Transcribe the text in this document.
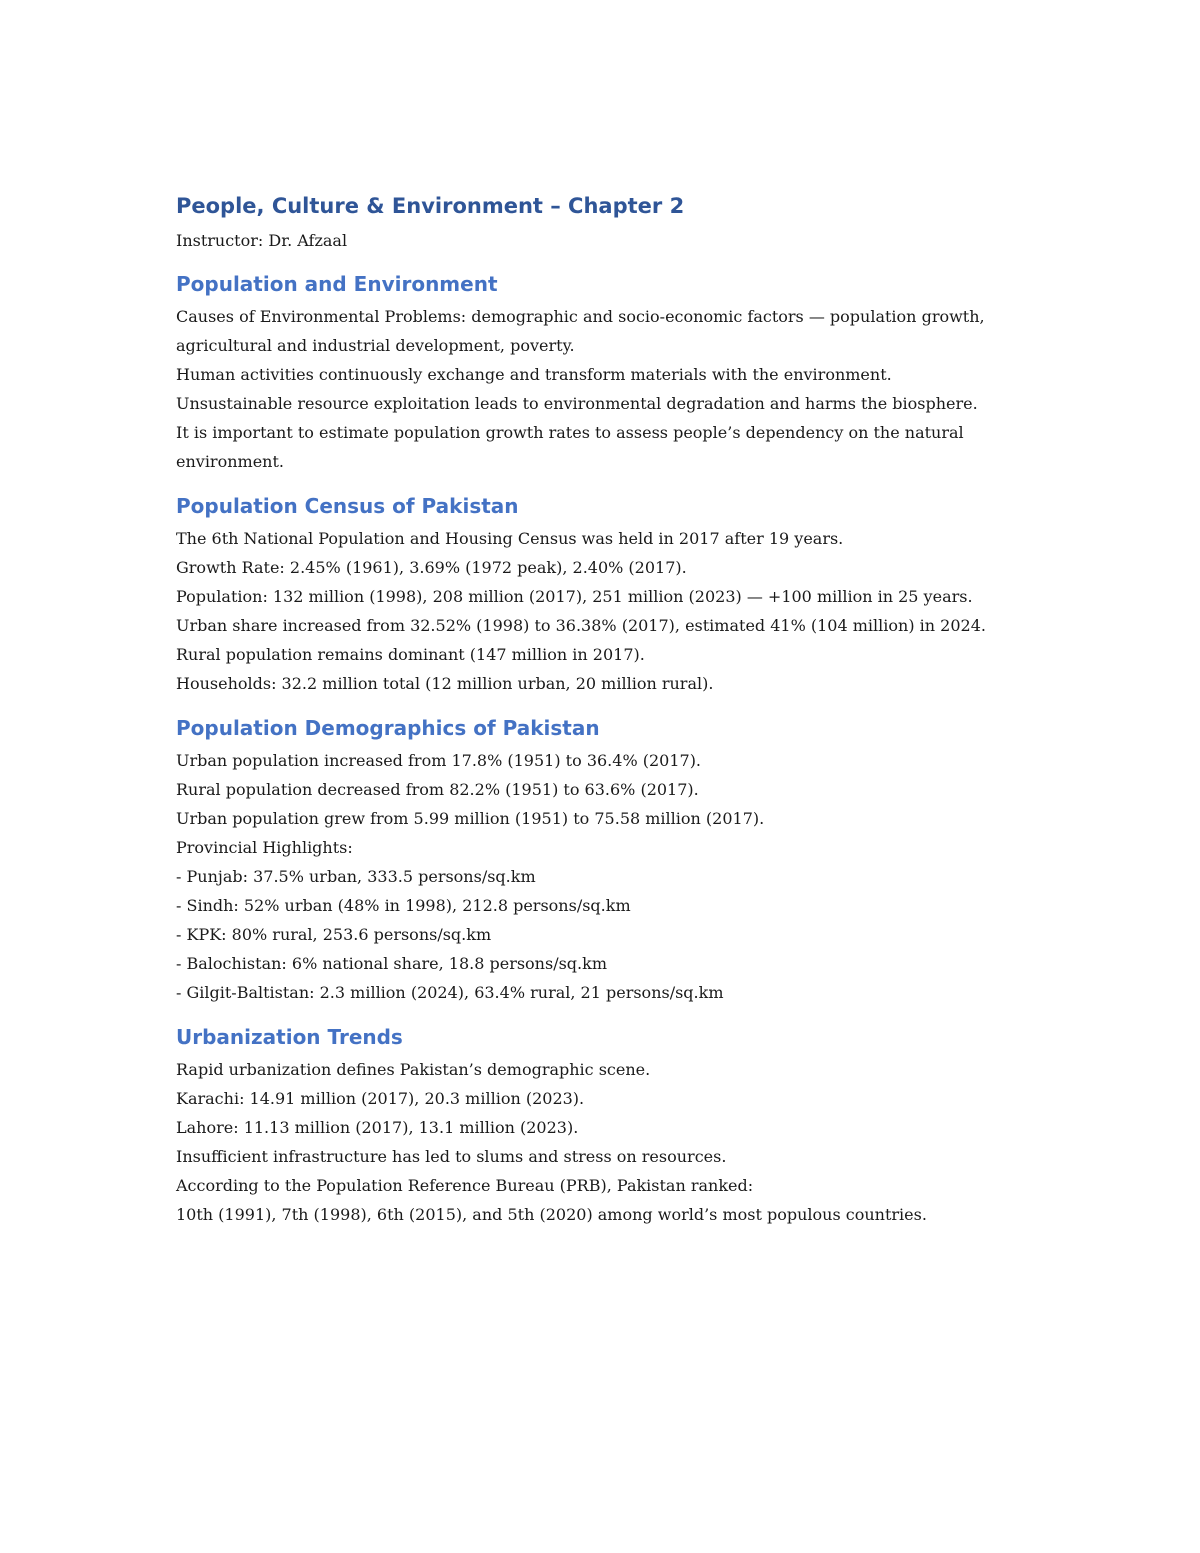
People, Culture & Environment – Chapter 2

Instructor: Dr. Afzaal

Population and Environment

Causes of Environmental Problems: demographic and socio-economic factors — population growth, agricultural and industrial development, poverty.

Human activities continuously exchange and transform materials with the environment.

Unsustainable resource exploitation leads to environmental degradation and harms the biosphere.

It is important to estimate population growth rates to assess people’s dependency on the natural environment.

Population Census of Pakistan

The 6th National Population and Housing Census was held in 2017 after 19 years.

Growth Rate: 2.45% (1961), 3.69% (1972 peak), 2.40% (2017).

Population: 132 million (1998), 208 million (2017), 251 million (2023) — +100 million in 25 years.

Urban share increased from 32.52% (1998) to 36.38% (2017), estimated 41% (104 million) in 2024.

Rural population remains dominant (147 million in 2017).

Households: 32.2 million total (12 million urban, 20 million rural).

Population Demographics of Pakistan

Urban population increased from 17.8% (1951) to 36.4% (2017).

Rural population decreased from 82.2% (1951) to 63.6% (2017).

Urban population grew from 5.99 million (1951) to 75.58 million (2017).

Provincial Highlights:

- Punjab: 37.5% urban, 333.5 persons/sq.km

- Sindh: 52% urban (48% in 1998), 212.8 persons/sq.km

- KPK: 80% rural, 253.6 persons/sq.km

- Balochistan: 6% national share, 18.8 persons/sq.km

- Gilgit-Baltistan: 2.3 million (2024), 63.4% rural, 21 persons/sq.km

Urbanization Trends

Rapid urbanization defines Pakistan’s demographic scene.

Karachi: 14.91 million (2017), 20.3 million (2023).

Lahore: 11.13 million (2017), 13.1 million (2023).

Insufficient infrastructure has led to slums and stress on resources.

According to the Population Reference Bureau (PRB), Pakistan ranked:

10th (1991), 7th (1998), 6th (2015), and 5th (2020) among world’s most populous countries.
